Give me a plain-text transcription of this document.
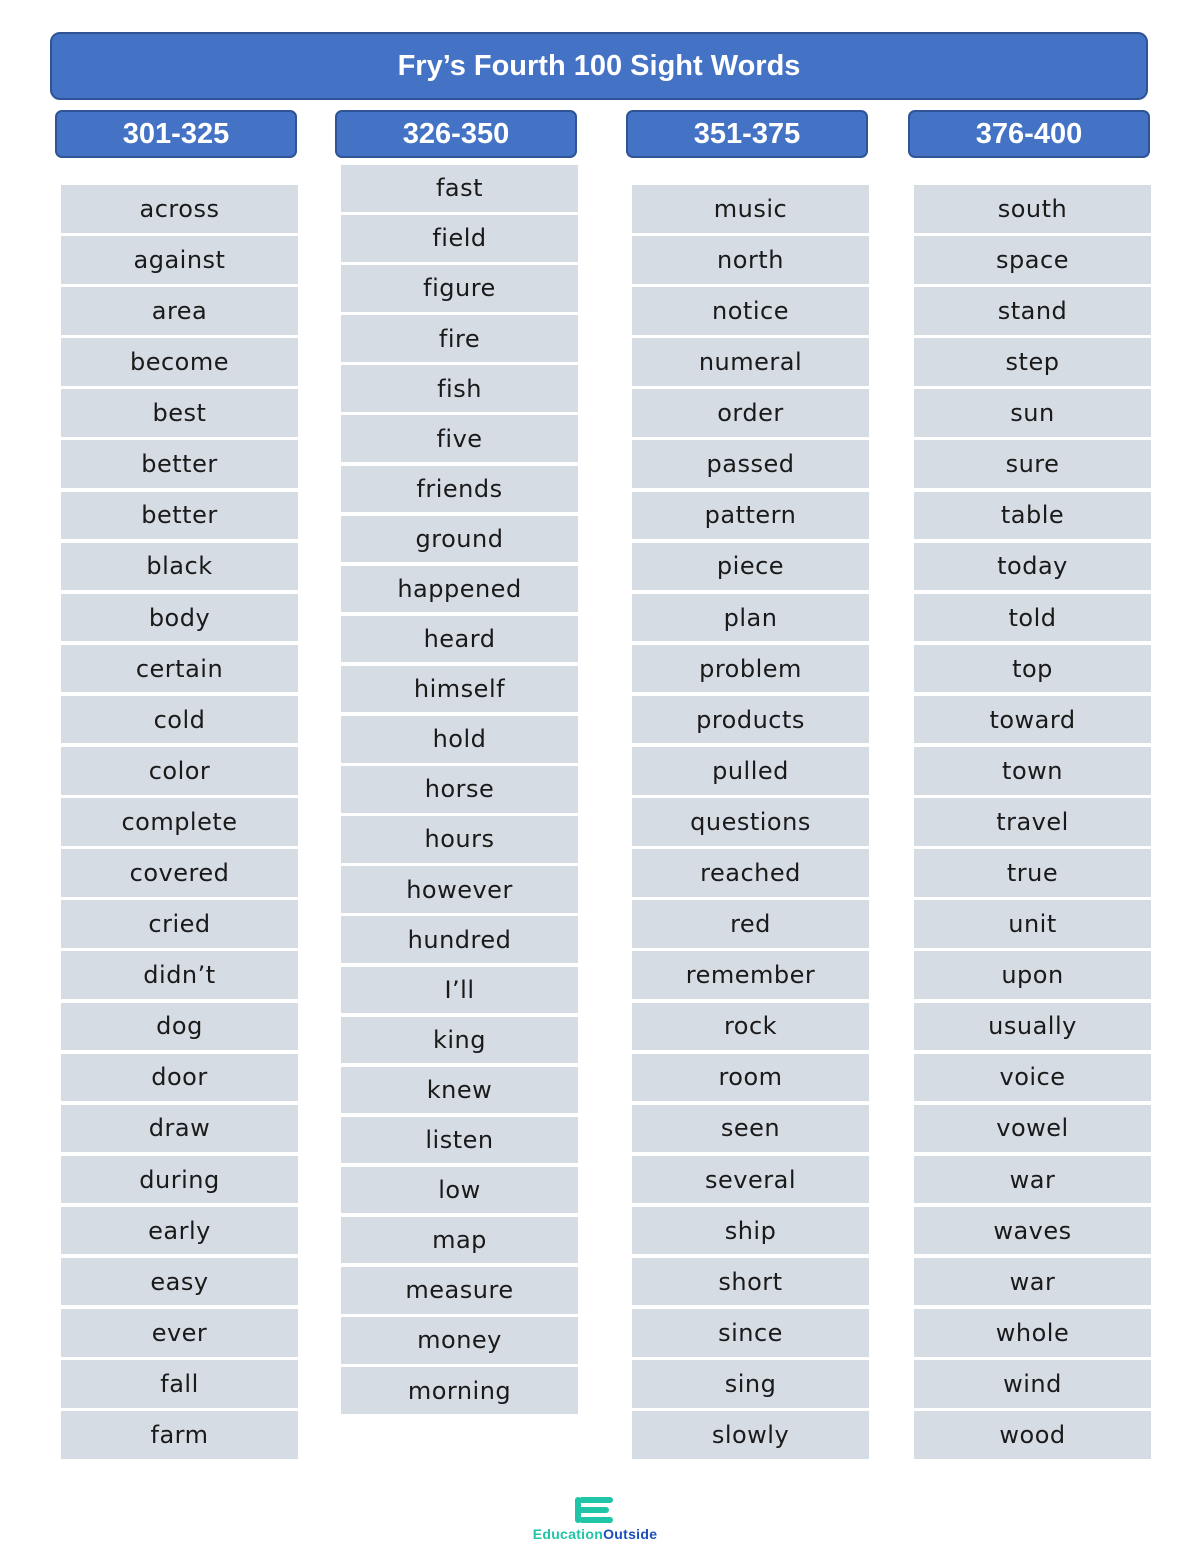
Fry’s Fourth 100 Sight Words
301-325
across
against
area
become
best
better
better
black
body
certain
cold
color
complete
covered
cried
didn’t
dog
door
draw
during
early
easy
ever
fall
farm
326-350
fast
field
figure
fire
fish
five
friends
ground
happened
heard
himself
hold
horse
hours
however
hundred
I’ll
king
knew
listen
low
map
measure
money
morning
351-375
music
north
notice
numeral
order
passed
pattern
piece
plan
problem
products
pulled
questions
reached
red
remember
rock
room
seen
several
ship
short
since
sing
slowly
376-400
south
space
stand
step
sun
sure
table
today
told
top
toward
town
travel
true
unit
upon
usually
voice
vowel
war
waves
war
whole
wind
wood
EducationOutside
